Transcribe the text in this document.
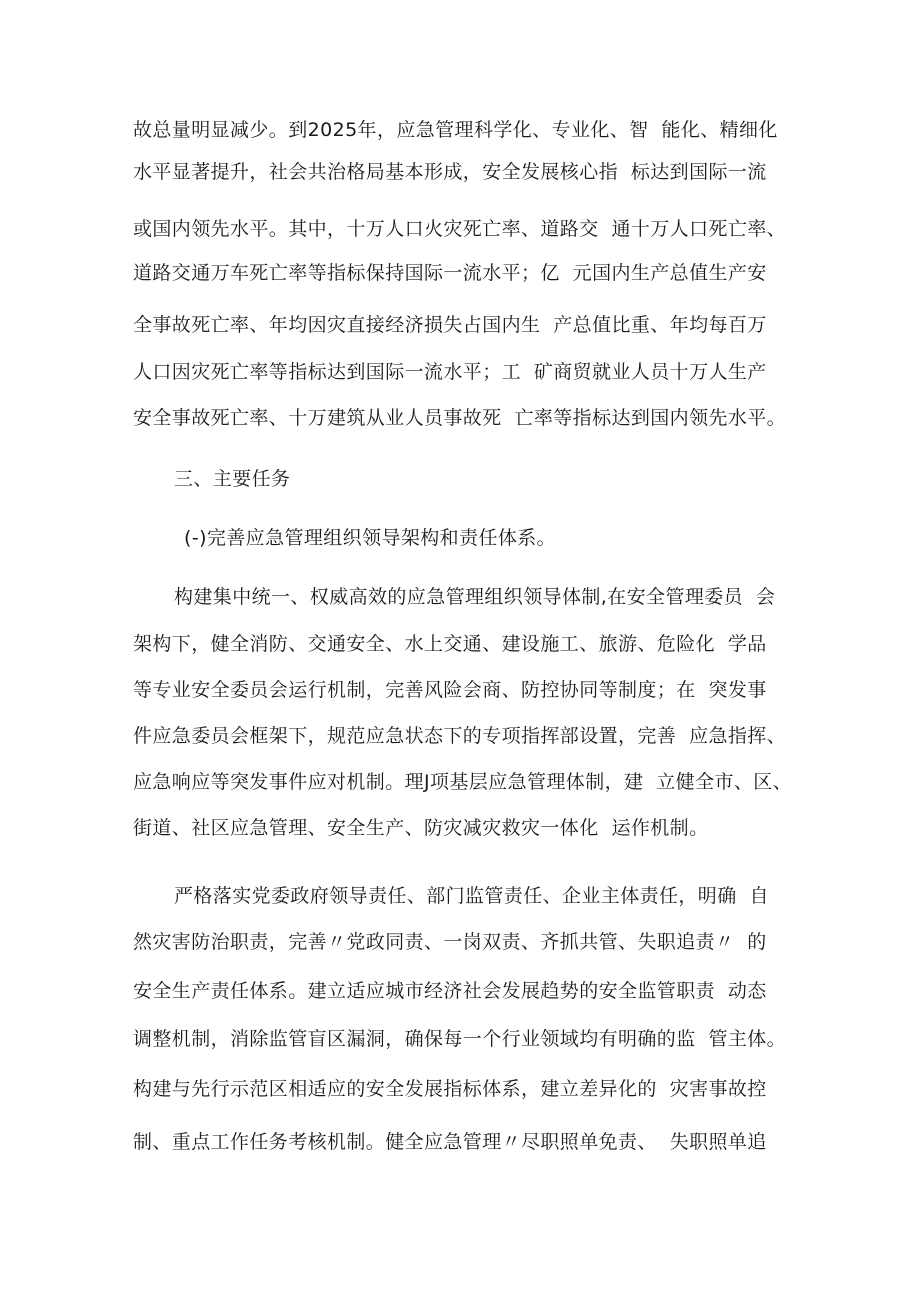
故总量明显减少。到2025年，应急管理科学化、专业化、智  能化、精细化

水平显著提升，社会共治格局基本形成，安全发展核心指  标达到国际一流

或国内领先水平。其中，十万人口火灾死亡率、道路交  通十万人口死亡率、

道路交通万车死亡率等指标保持国际一流水平；亿  元国内生产总值生产安

全事故死亡率、年均因灾直接经济损失占国内生  产总值比重、年均每百万

人口因灾死亡率等指标达到国际一流水平；工  矿商贸就业人员十万人生产

安全事故死亡率、十万建筑从业人员事故死  亡率等指标达到国内领先水平。

三、主要任务

(-)完善应急管理组织领导架构和责任体系。

构建集中统一、权威高效的应急管理组织领导体制,在安全管理委员  会

架构下，健全消防、交通安全、水上交通、建设施工、旅游、危险化  学品

等专业安全委员会运行机制，完善风险会商、防控协同等制度；在  突发事

件应急委员会框架下，规范应急状态下的专项指挥部设置，完善  应急指挥、

应急响应等突发事件应对机制。理J项基层应急管理体制，建  立健全市、区、

街道、社区应急管理、安全生产、防灾减灾救灾一体化  运作机制。

严格落实党委政府领导责任、部门监管责任、企业主体责任，明确  自

然灾害防治职责，完善〃党政同责、一岗双责、齐抓共管、失职追责〃  的

安全生产责任体系。建立适应城市经济社会发展趋势的安全监管职责  动态

调整机制，消除监管盲区漏洞，确保每一个行业领域均有明确的监  管主体。

构建与先行示范区相适应的安全发展指标体系，建立差异化的  灾害事故控

制、重点工作任务考核机制。健全应急管理〃尽职照单免责、  失职照单追
